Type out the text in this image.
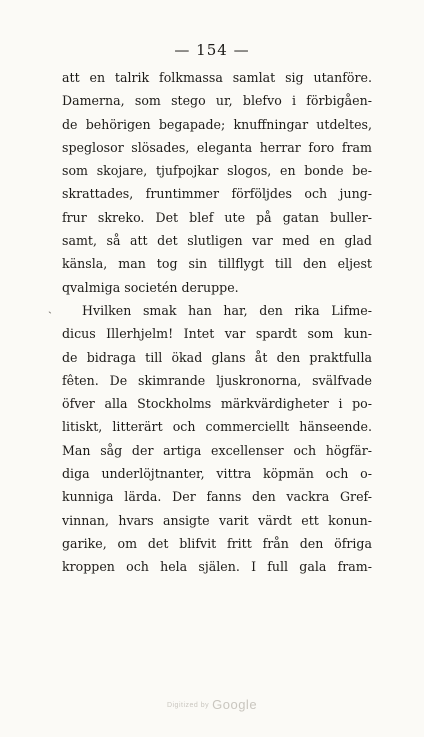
— 154 —
ˎ
att en talrik folkmassa samlat sig utanföre.
Damerna, som stego ur, blefvo i förbigåen-
de behörigen begapade; knuffningar utdeltes,
speglosor slösades, eleganta herrar foro fram
som skojare, tjufpojkar slogos, en bonde be-
skrattades, fruntimmer förföljdes och jung-
frur skreko. Det blef ute på gatan buller-
samt, så att det slutligen var med en glad
känsla, man tog sin tillflygt till den eljest
qvalmiga societén deruppe.
Hvilken smak han har, den rika Lifme-
dicus Illerhjelm! Intet var spardt som kun-
de bidraga till ökad glans åt den praktfulla
fêten. De skimrande ljuskronorna, svälfvade
öfver alla Stockholms märkvärdigheter i po-
litiskt, litterärt och commerciellt hänseende.
Man såg der artiga excellenser och högfär-
diga underlöjtnanter, vittra köpmän och o-
kunniga lärda. Der fanns den vackra Gref-
vinnan, hvars ansigte varit värdt ett konun-
garike, om det blifvit fritt från den öfriga
kroppen och hela själen. I full gala fram-
Digitized by Google
